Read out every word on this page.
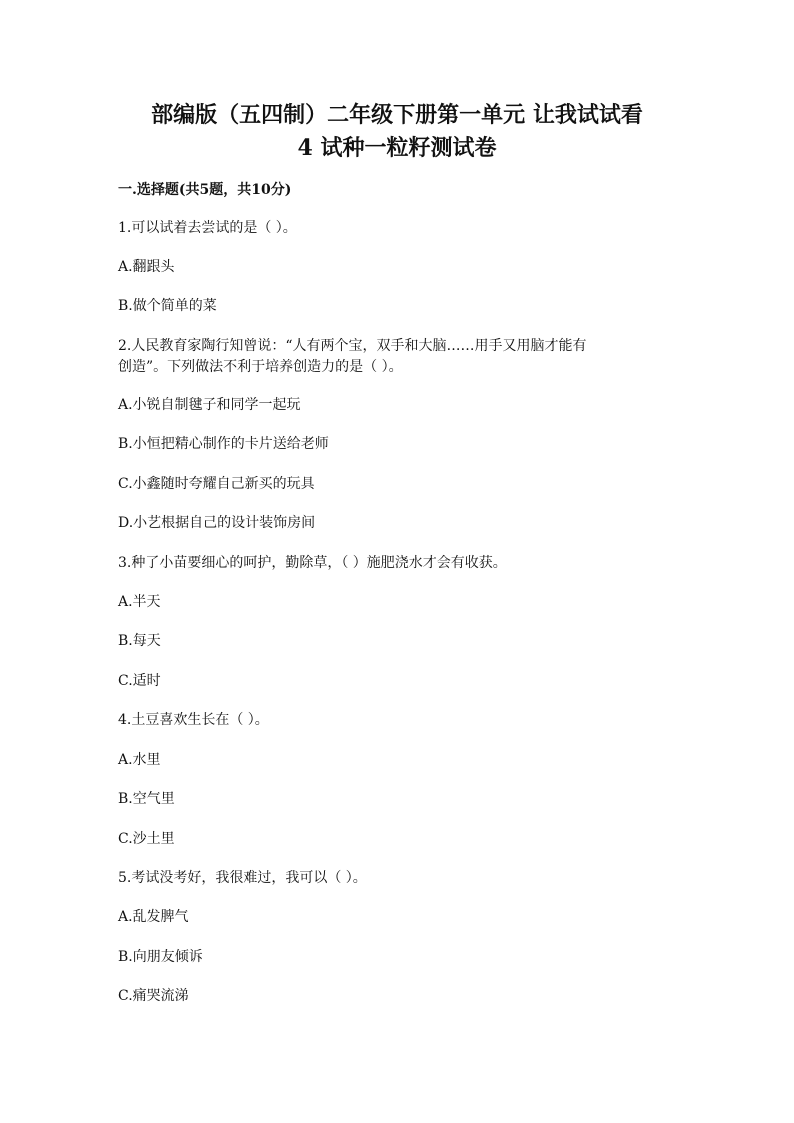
部编版（五四制）二年级下册第一单元 让我试试看
4 试种一粒籽测试卷
一.选择题(共5题，共10分)
1.可以试着去尝试的是（ ）。
A.翻跟头
B.做个简单的菜
2.人民教育家陶行知曾说：“人有两个宝，双手和大脑……用手又用脑才能有
创造”。下列做法不利于培养创造力的是（ ）。
A.小锐自制毽子和同学一起玩
B.小恒把精心制作的卡片送给老师
C.小鑫随时夸耀自己新买的玩具
D.小艺根据自己的设计装饰房间
3.种了小苗要细心的呵护，勤除草，（ ）施肥浇水才会有收获。
A.半天
B.每天
C.适时
4.土豆喜欢生长在（ ）。
A.水里
B.空气里
C.沙土里
5.考试没考好，我很难过，我可以（ ）。
A.乱发脾气
B.向朋友倾诉
C.痛哭流涕
